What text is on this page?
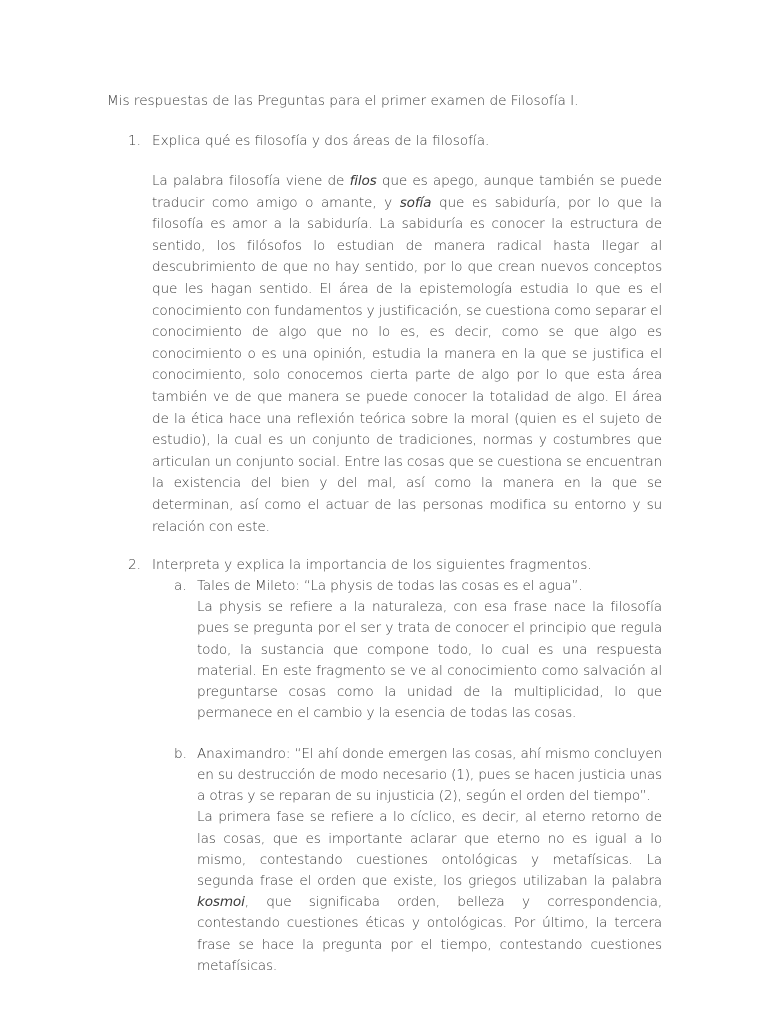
Mis respuestas de las Preguntas para el primer examen de Filosofía I.

1. Explica qué es filosofía y dos áreas de la filosofía.

La palabra filosofía viene de filos que es apego, aunque también se puede traducir como amigo o amante, y sofía que es sabiduría, por lo que la filosofía es amor a la sabiduría. La sabiduría es conocer la estructura de sentido, los filósofos lo estudian de manera radical hasta llegar al descubrimiento de que no hay sentido, por lo que crean nuevos conceptos que les hagan sentido. El área de la epistemología estudia lo que es el conocimiento con fundamentos y justificación, se cuestiona como separar el conocimiento de algo que no lo es, es decir, como se que algo es conocimiento o es una opinión, estudia la manera en la que se justifica el conocimiento, solo conocemos cierta parte de algo por lo que esta área también ve de que manera se puede conocer la totalidad de algo. El área de la ética hace una reflexión teórica sobre la moral (quien es el sujeto de estudio), la cual es un conjunto de tradiciones, normas y costumbres que articulan un conjunto social. Entre las cosas que se cuestiona se encuentran la existencia del bien y del mal, así como la manera en la que se determinan, así como el actuar de las personas modifica su entorno y su relación con este.

2. Interpreta y explica la importancia de los siguientes fragmentos.

a. Tales de Mileto: “La physis de todas las cosas es el agua”.

La physis se refiere a la naturaleza, con esa frase nace la filosofía pues se pregunta por el ser y trata de conocer el principio que regula todo, la sustancia que compone todo, lo cual es una respuesta material. En este fragmento se ve al conocimiento como salvación al preguntarse cosas como la unidad de la multiplicidad, lo que permanece en el cambio y la esencia de todas las cosas.

b. Anaximandro: “El ahí donde emergen las cosas, ahí mismo concluyen en su destrucción de modo necesario (1), pues se hacen justicia unas a otras y se reparan de su injusticia (2), según el orden del tiempo”.

La primera fase se refiere a lo cíclico, es decir, al eterno retorno de las cosas, que es importante aclarar que eterno no es igual a lo mismo, contestando cuestiones ontológicas y metafísicas. La segunda frase el orden que existe, los griegos utilizaban la palabra kosmoi, que significaba orden, belleza y correspondencia, contestando cuestiones éticas y ontológicas. Por último, la tercera frase se hace la pregunta por el tiempo, contestando cuestiones metafísicas.
